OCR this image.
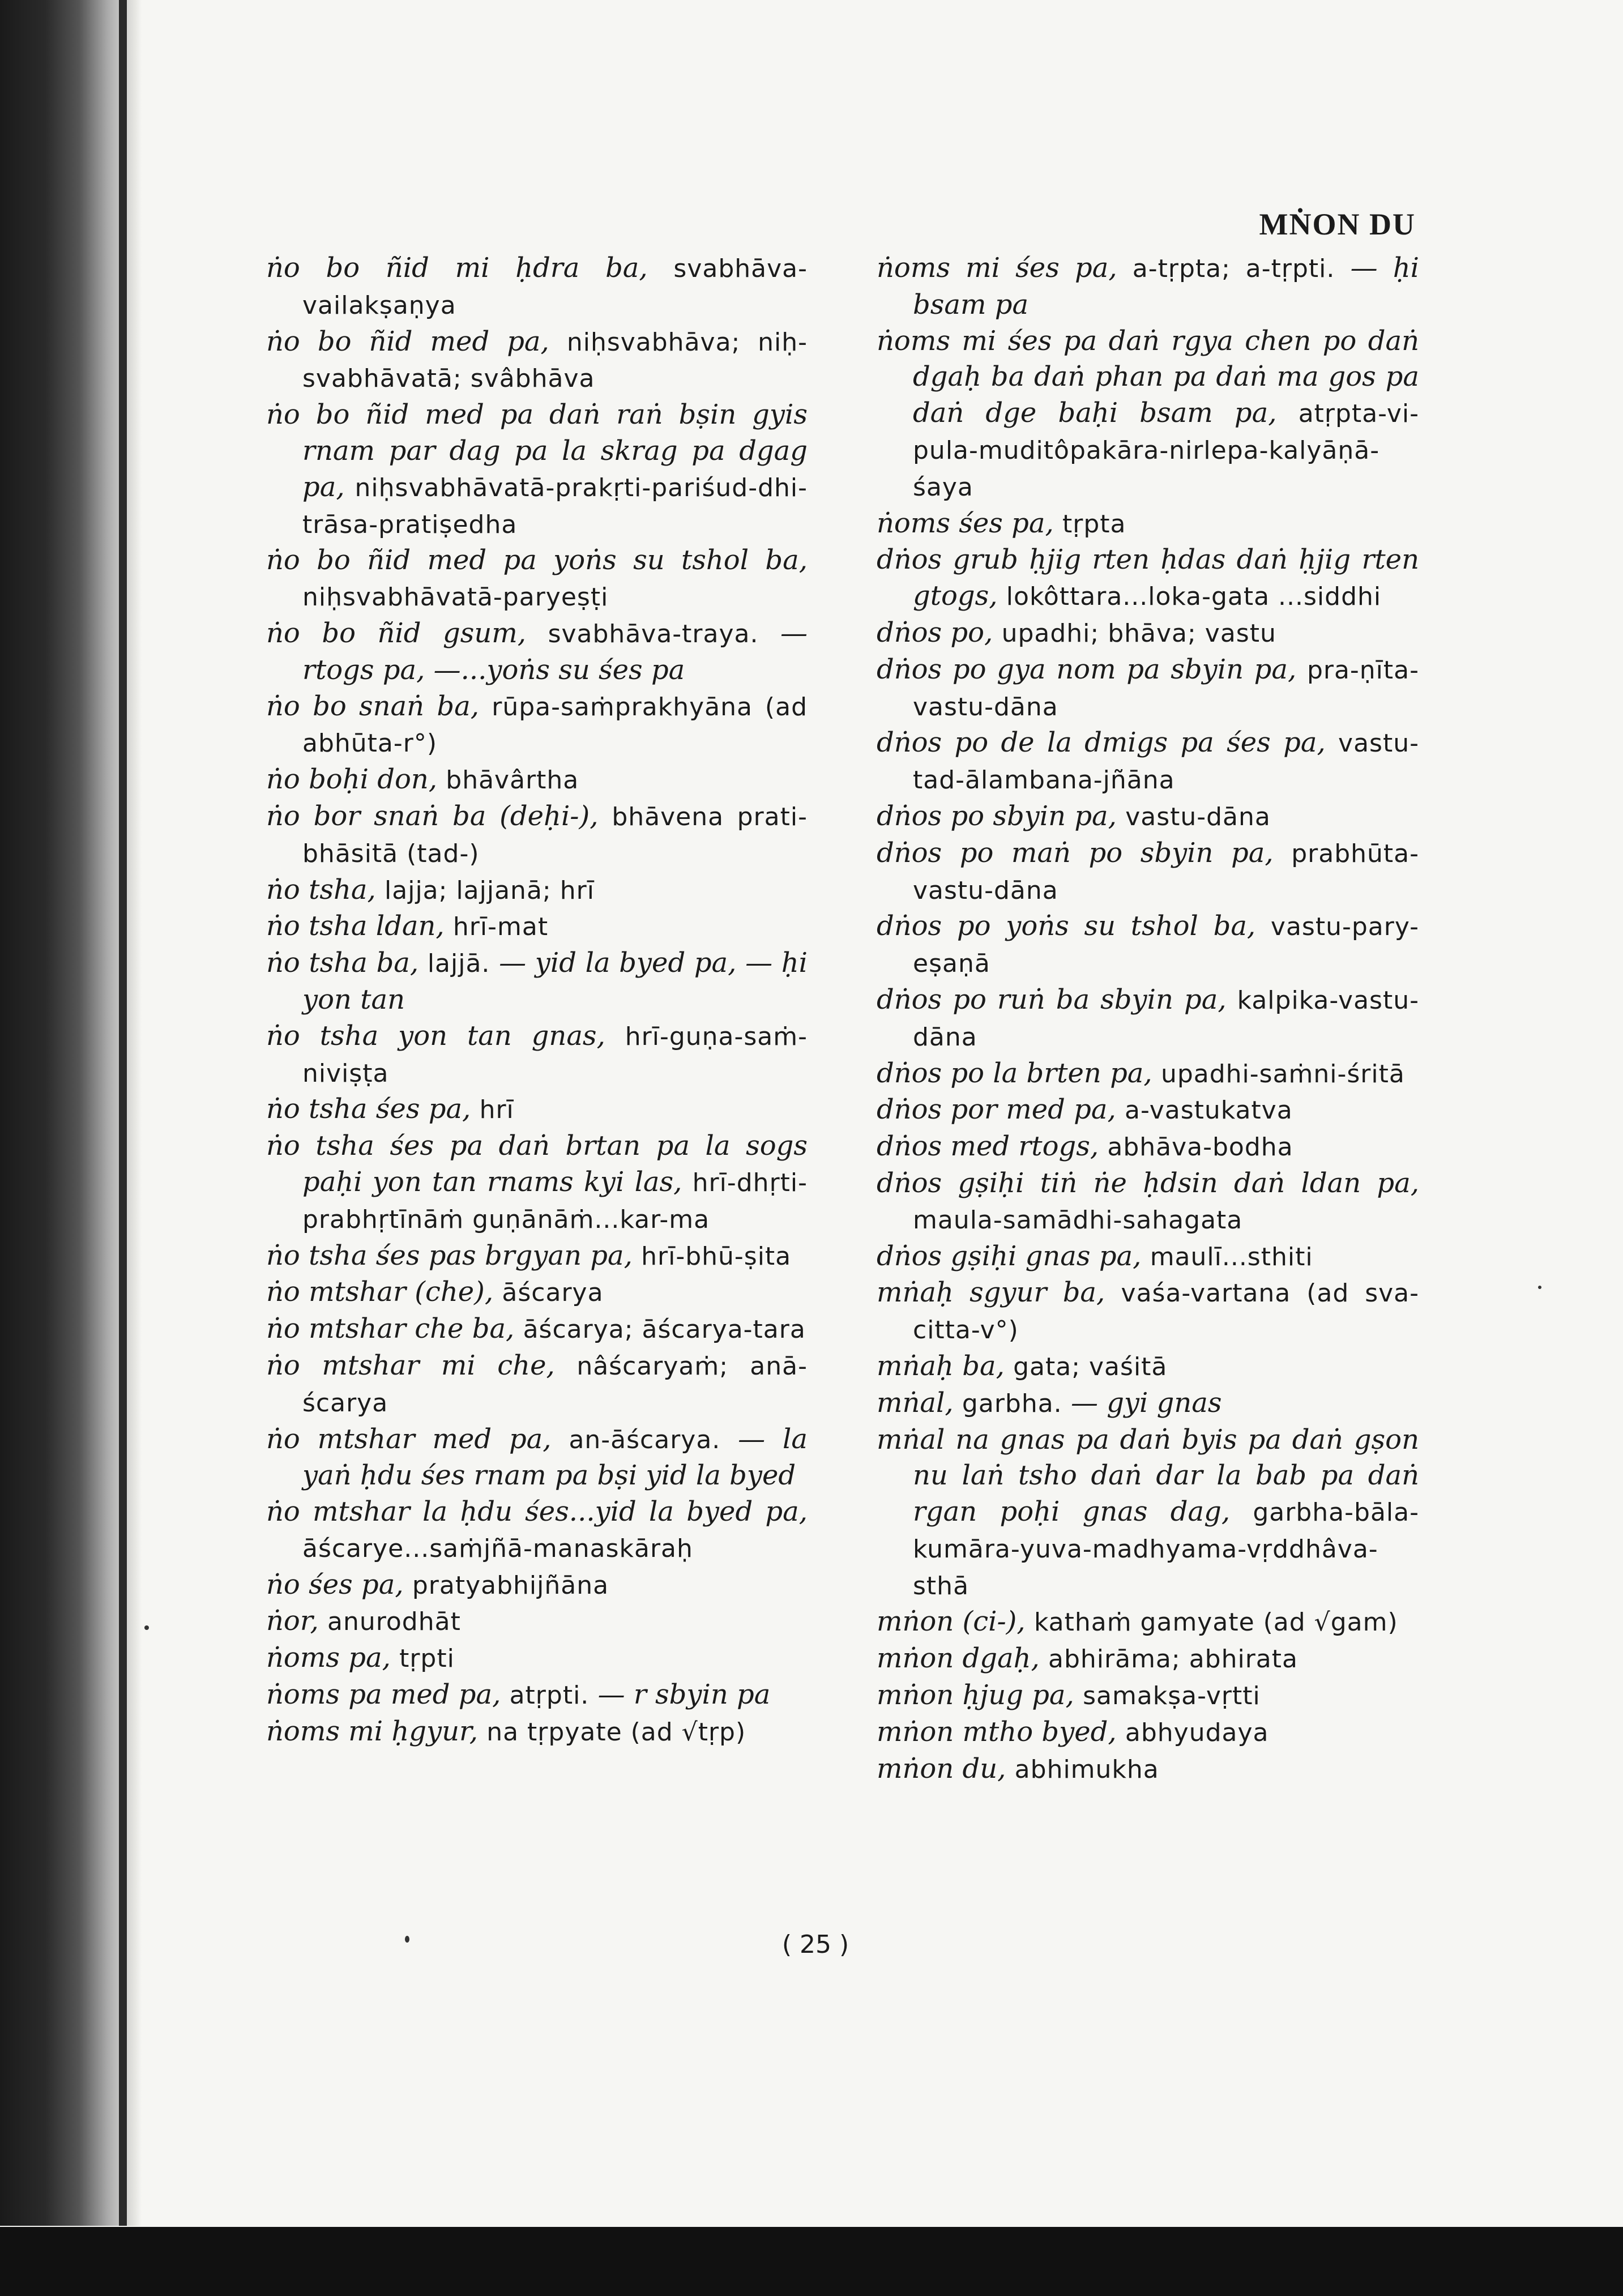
MṄON DU

ṅo bo ñid mi ḥdra ba, svabhāva-vailakṣaṇya

ṅo bo ñid med pa, niḥsvabhāva; niḥ-svabhāvatā; svâbhāva

ṅo bo ñid med pa daṅ raṅ bṣin gyis rnam par dag pa la skrag pa dgag pa, niḥsvabhāvatā-prakṛti-pariśud-dhi-trāsa-pratiṣedha

ṅo bo ñid med pa yoṅs su tshol ba, niḥsvabhāvatā-paryeṣṭi

ṅo bo ñid gsum, svabhāva-traya. — rtogs pa, —...yoṅs su śes pa

ṅo bo snaṅ ba, rūpa-saṁprakhyāna (ad abhūta-r°)

ṅo boḥi don, bhāvârtha

ṅo bor snaṅ ba (deḥi-), bhāvena prati-bhāsitā (tad-)

ṅo tsha, lajja; lajjanā; hrī

ṅo tsha ldan, hrī-mat

ṅo tsha ba, lajjā. — yid la byed pa, — ḥi yon tan

ṅo tsha yon tan gnas, hrī-guṇa-saṁ-niviṣṭa

ṅo tsha śes pa, hrī

ṅo tsha śes pa daṅ brtan pa la sogs paḥi yon tan rnams kyi las, hrī-dhṛti-prabhṛtīnāṁ guṇānāṁ...kar-ma

ṅo tsha śes pas brgyan pa, hrī-bhū-ṣita

ṅo mtshar (che), āścarya

ṅo mtshar che ba, āścarya; āścarya-tara

ṅo mtshar mi che, nâścaryaṁ; anā-ścarya

ṅo mtshar med pa, an-āścarya. — la yaṅ ḥdu śes rnam pa bṣi yid la byed

ṅo mtshar la ḥdu śes...yid la byed pa, āścarye...saṁjñā-manaskāraḥ

ṅo śes pa, pratyabhijñāna

ṅor, anurodhāt

ṅoms pa, tṛpti

ṅoms pa med pa, atṛpti. — r sbyin pa

ṅoms mi ḥgyur, na tṛpyate (ad √tṛp)

ṅoms mi śes pa, a-tṛpta; a-tṛpti. — ḥi bsam pa

ṅoms mi śes pa daṅ rgya chen po daṅ dgaḥ ba daṅ phan pa daṅ ma gos pa daṅ dge baḥi bsam pa, atṛpta-vi-pula-muditôpakāra-nirlepa-kalyāṇā-śaya

ṅoms śes pa, tṛpta

dṅos grub ḥjig rten ḥdas daṅ ḥjig rten gtogs, lokôttara...loka-gata ...siddhi

dṅos po, upadhi; bhāva; vastu

dṅos po gya nom pa sbyin pa, pra-ṇīta-vastu-dāna

dṅos po de la dmigs pa śes pa, vastu-tad-ālambana-jñāna

dṅos po sbyin pa, vastu-dāna

dṅos po maṅ po sbyin pa, prabhūta-vastu-dāna

dṅos po yoṅs su tshol ba, vastu-pary-eṣaṇā

dṅos po ruṅ ba sbyin pa, kalpika-vastu-dāna

dṅos po la brten pa, upadhi-saṁni-śritā

dṅos por med pa, a-vastukatva

dṅos med rtogs, abhāva-bodha

dṅos gṣiḥi tiṅ ṅe ḥdsin daṅ ldan pa, maula-samādhi-sahagata

dṅos gṣiḥi gnas pa, maulī...sthiti

mṅaḥ sgyur ba, vaśa-vartana (ad sva-citta-v°)

mṅaḥ ba, gata; vaśitā

mṅal, garbha. — gyi gnas

mṅal na gnas pa daṅ byis pa daṅ gṣon nu laṅ tsho daṅ dar la bab pa daṅ rgan poḥi gnas dag, garbha-bāla-kumāra-yuva-madhyama-vṛddhâva-sthā

mṅon (ci-), kathaṁ gamyate (ad √gam)

mṅon dgaḥ, abhirāma; abhirata

mṅon ḥjug pa, samakṣa-vṛtti

mṅon mtho byed, abhyudaya

mṅon du, abhimukha

( 25 )
